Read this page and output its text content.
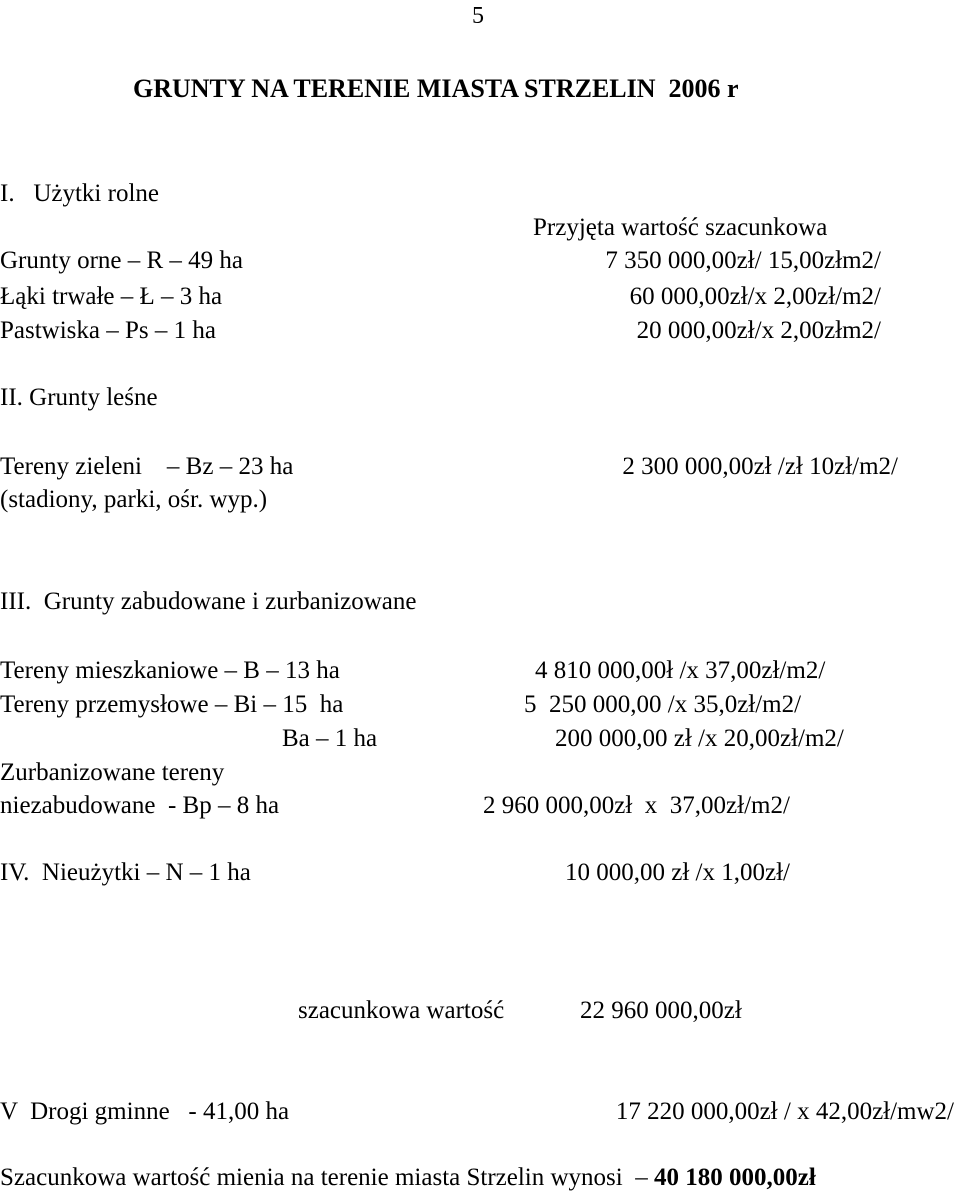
5
GRUNTY NA TERENIE MIASTA STRZELIN  2006 r
I.   Użytki rolne
Przyjęta wartość szacunkowa
Grunty orne – R – 49 ha	7 350 000,00zł/ 15,00złm2/
Łąki trwałe – Ł – 3 ha	60 000,00zł/x 2,00zł/m2/
Pastwiska – Ps – 1 ha	20 000,00zł/x 2,00złm2/
II. Grunty leśne
Tereny zieleni    – Bz – 23 ha	2 300 000,00zł /zł 10zł/m2/
(stadiony, parki, ośr. wyp.)
III.  Grunty zabudowane i zurbanizowane
Tereny mieszkaniowe – B – 13 ha	4 810 000,00ł /x 37,00zł/m2/
Tereny przemysłowe – Bi – 15  ha	5  250 000,00 /x 35,0zł/m2/
Ba – 1 ha	200 000,00 zł /x 20,00zł/m2/
Zurbanizowane tereny
niezabudowane  - Bp – 8 ha	2 960 000,00zł  x  37,00zł/m2/
IV.  Nieużytki – N – 1 ha	10 000,00 zł /x 1,00zł/
szacunkowa wartość	22 960 000,00zł
V  Drogi gminne   - 41,00 ha	17 220 000,00zł / x 42,00zł/mw2/
Szacunkowa wartość mienia na terenie miasta Strzelin wynosi  – 40 180 000,00zł
